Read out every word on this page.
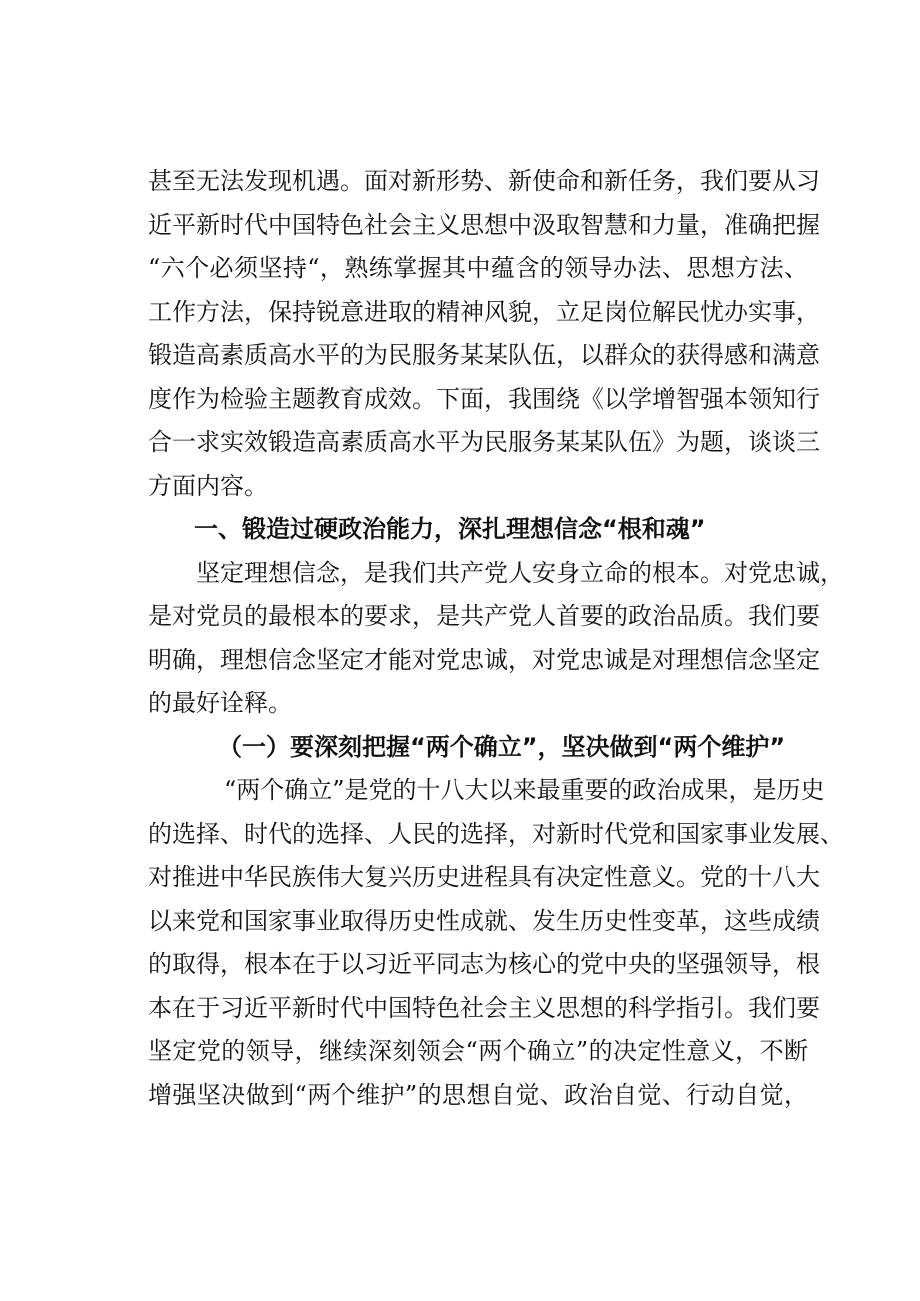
甚至无法发现机遇。面对新形势、新使命和新任务，我们要从习
近平新时代中国特色社会主义思想中汲取智慧和力量，准确把握
“六个必须坚持“，熟练掌握其中蕴含的领导办法、思想方法、
工作方法，保持锐意进取的精神风貌，立足岗位解民忧办实事，
锻造高素质高水平的为民服务某某队伍，以群众的获得感和满意
度作为检验主题教育成效。下面，我围绕《以学增智强本领知行
合一求实效锻造高素质高水平为民服务某某队伍》为题，谈谈三
方面内容。
一、锻造过硬政治能力，深扎理想信念“根和魂”
坚定理想信念，是我们共产党人安身立命的根本。对党忠诚，
是对党员的最根本的要求，是共产党人首要的政治品质。我们要
明确，理想信念坚定才能对党忠诚，对党忠诚是对理想信念坚定
的最好诠释。
（一）要深刻把握“两个确立”，坚决做到“两个维护”
“两个确立”是党的十八大以来最重要的政治成果，是历史
的选择、时代的选择、人民的选择，对新时代党和国家事业发展、
对推进中华民族伟大复兴历史进程具有决定性意义。党的十八大
以来党和国家事业取得历史性成就、发生历史性变革，这些成绩
的取得，根本在于以习近平同志为核心的党中央的坚强领导，根
本在于习近平新时代中国特色社会主义思想的科学指引。我们要
坚定党的领导，继续深刻领会“两个确立”的决定性意义，不断
增强坚决做到“两个维护”的思想自觉、政治自觉、行动自觉，
